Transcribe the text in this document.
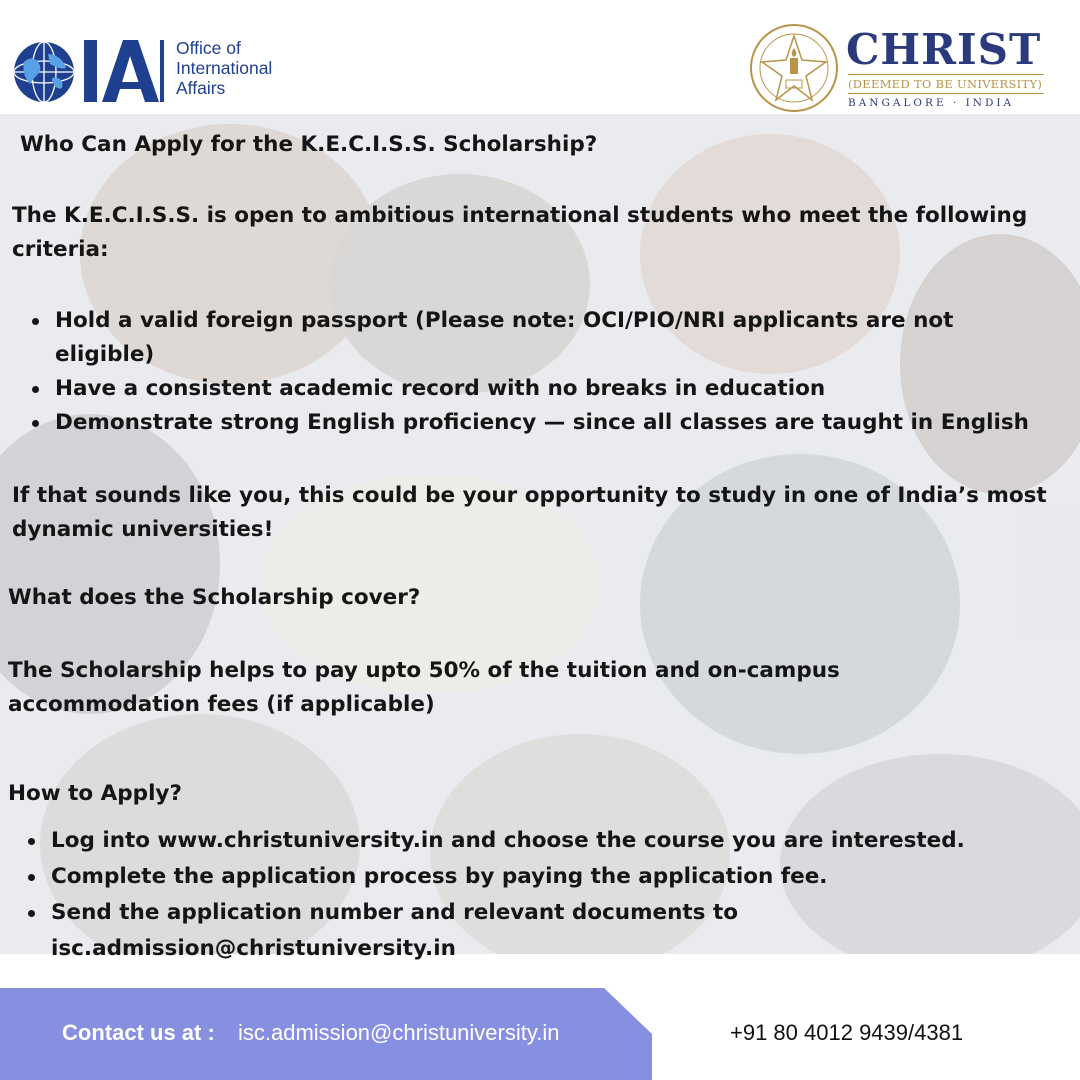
Office of
International
Affairs
CHRIST
(DEEMED TO BE UNIVERSITY)
BANGALORE · INDIA

Who Can Apply for the K.E.C.I.S.S. Scholarship?

The K.E.C.I.S.S. is open to ambitious international students who meet the following criteria:

Hold a valid foreign passport (Please note: OCI/PIO/NRI applicants are not
eligible)
Have a consistent academic record with no breaks in education
Demonstrate strong English proficiency — since all classes are taught in English

If that sounds like you, this could be your opportunity to study in one of India’s most dynamic universities!

What does the Scholarship cover?

The Scholarship helps to pay upto 50% of the tuition and on-campus accommodation fees (if applicable)

How to Apply?

Log into www.christuniversity.in and choose the course you are interested.
Complete the application process by paying the application fee.
Send the application number and relevant documents to
isc.admission@christuniversity.in
Contact us at : isc.admission@christuniversity.in	+91 80 4012 9439/4381
